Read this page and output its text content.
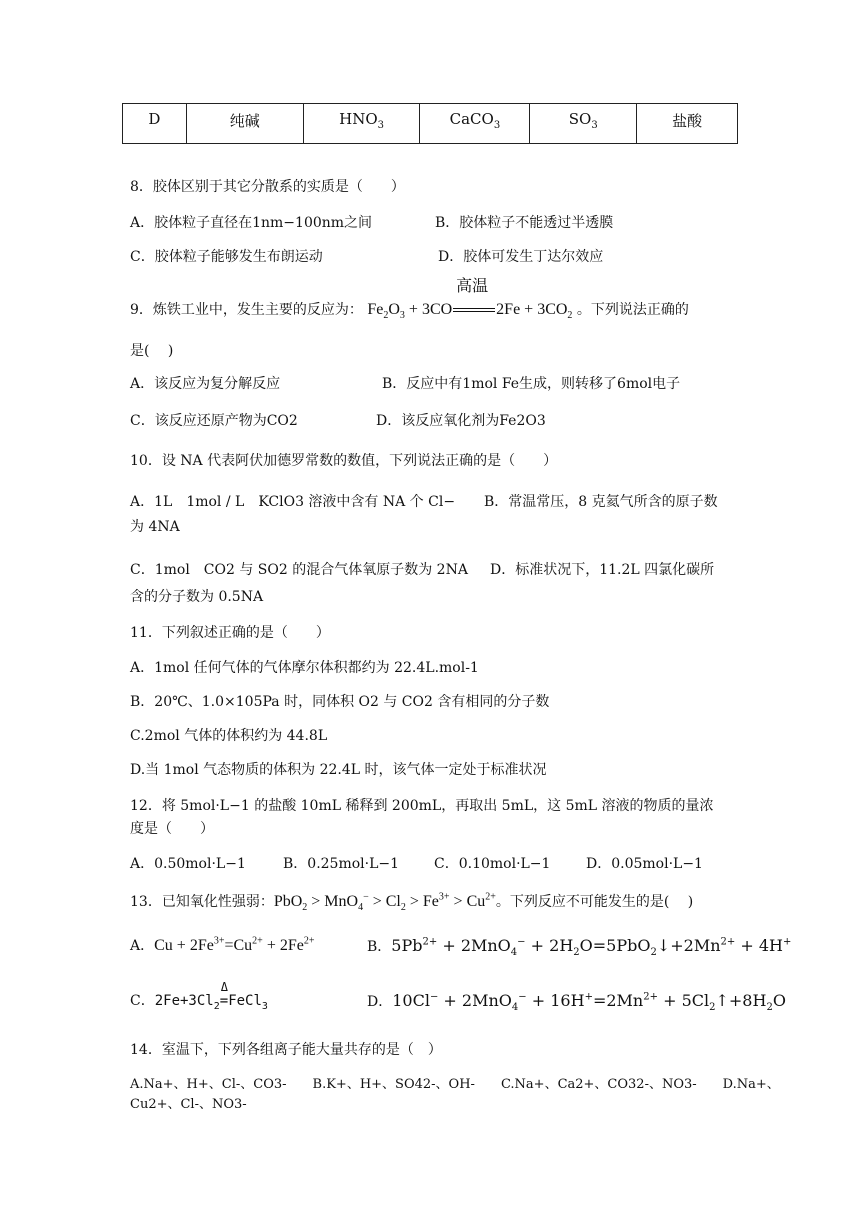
D	纯碱	$HNO_3$	CaCO$_3$	$SO_3$	盐酸
8．胶体区别于其它分散系的实质是（　　）
A．胶体粒子直径在1nm−100nm之间	B．胶体粒子不能透过半透膜
C．胶体粒子能够发生布朗运动	D．胶体可发生丁达尔效应
9．炼铁工业中，发生主要的反应为： $Fe_2O_3 + 3CO$
高温
$2Fe + 3CO_2$ 。下列说法正确的
是(　 )
A．该反应为复分解反应	B．反应中有1mol Fe生成，则转移了6mol电子
C．该反应还原产物为CO2	D．该反应氧化剂为Fe2O3
10．设 NA 代表阿伏加德罗常数的数值，下列说法正确的是（　　）
A．1L　1mol / L　KClO3 溶液中含有 NA 个 Cl− B．常温常压，8 克氦气所含的原子数
为 4NA
C．1mol　CO2 与 SO2 的混合气体氧原子数为 2NA D．标准状况下，11.2L 四氯化碳所
含的分子数为 0.5NA
11．下列叙述正确的是（　　）
A．1mol 任何气体的气体摩尔体积都约为 22.4L.mol-1
B．20℃、1.0×105Pa 时，同体积 O2 与 CO2 含有相同的分子数
C.2mol 气体的体积约为 44.8L
D.当 1mol 气态物质的体积为 22.4L 时，该气体一定处于标准状况
12．将 5mol·L−1 的盐酸 10mL 稀释到 200mL，再取出 5mL，这 5mL 溶液的物质的量浓
度是（　　）
A．0.50mol·L−1	B．0.25mol·L−1 C．0.10mol·L−1	D．0.05mol·L−1
13．已知氧化性强弱：$PbO_2 > MnO_4^- > Cl_2 > Fe^{3+} > Cu^{2+}$。下列反应不可能发生的是(　 )
A．$Cu + 2Fe^{3+}=Cu^{2+} + 2Fe^{2+}$	B．$5Pb^{2+} + 2MnO_4^-$ + $2H_2O=5PbO_2↓+2Mn^{2+} + 4H^+$
C．$2Fe+3Cl_2=$
Δ
FeCl$_3$	D．$10Cl^- + 2MnO_4^- + 16H^+=2Mn^{2+}$ + $5Cl_2↑+8H_2O$
14．室温下，下列各组离子能大量共存的是（　）
A.Na+、H+、Cl-、CO3-　　B.K+、H+、SO42-、OH-　　C.Na+、Ca2+、CO32-、NO3-　　D.Na+、
Cu2+、Cl-、NO3-
